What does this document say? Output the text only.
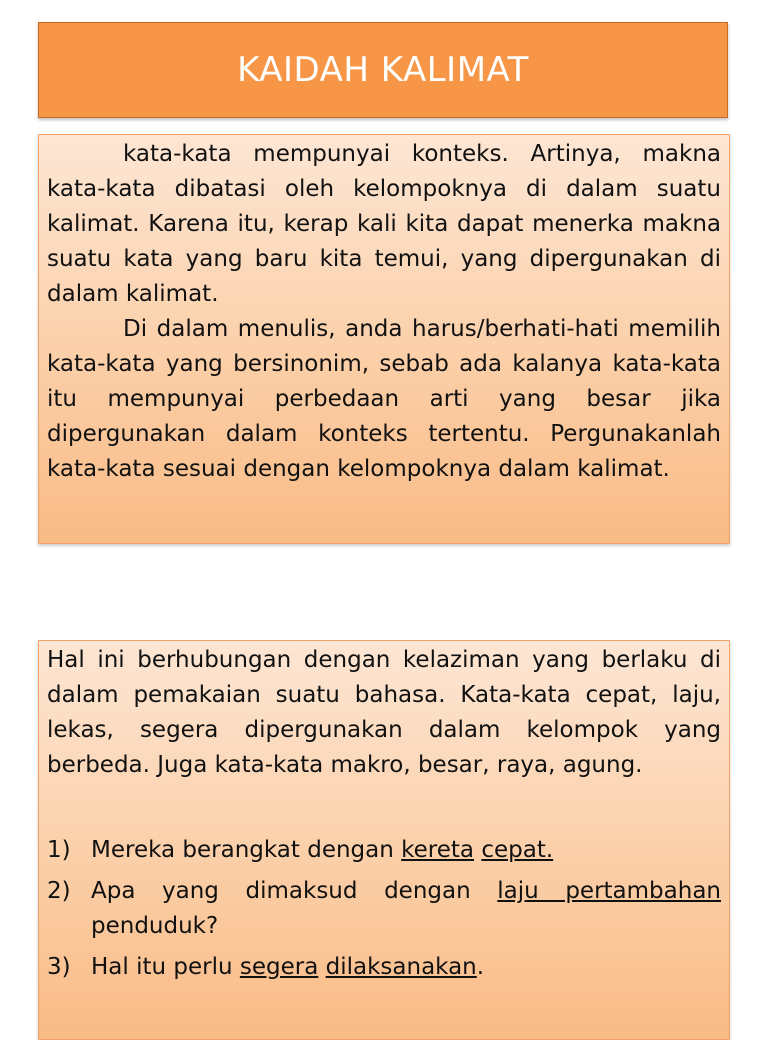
KAIDAH KALIMAT

kata-kata mempunyai konteks. Artinya, makna kata-kata dibatasi oleh kelompoknya di dalam suatu kalimat. Karena itu, kerap kali kita dapat menerka makna suatu kata yang baru kita temui, yang dipergunakan di dalam kalimat.

Di dalam menulis, anda harus/berhati-hati memilih kata-kata yang bersinonim, sebab ada kalanya kata-kata itu mempunyai perbedaan arti yang besar jika dipergunakan dalam konteks tertentu. Pergunakanlah kata-kata sesuai dengan kelompoknya dalam kalimat.

Hal ini berhubungan dengan kelaziman yang berlaku di dalam pemakaian suatu bahasa. Kata-kata cepat, laju, lekas, segera dipergunakan dalam kelompok yang berbeda. Juga kata-kata makro, besar, raya, agung.

1) Mereka berangkat dengan kereta cepat.
2) Apa yang dimaksud dengan laju pertambahan penduduk?
3) Hal itu perlu segera dilaksanakan.
